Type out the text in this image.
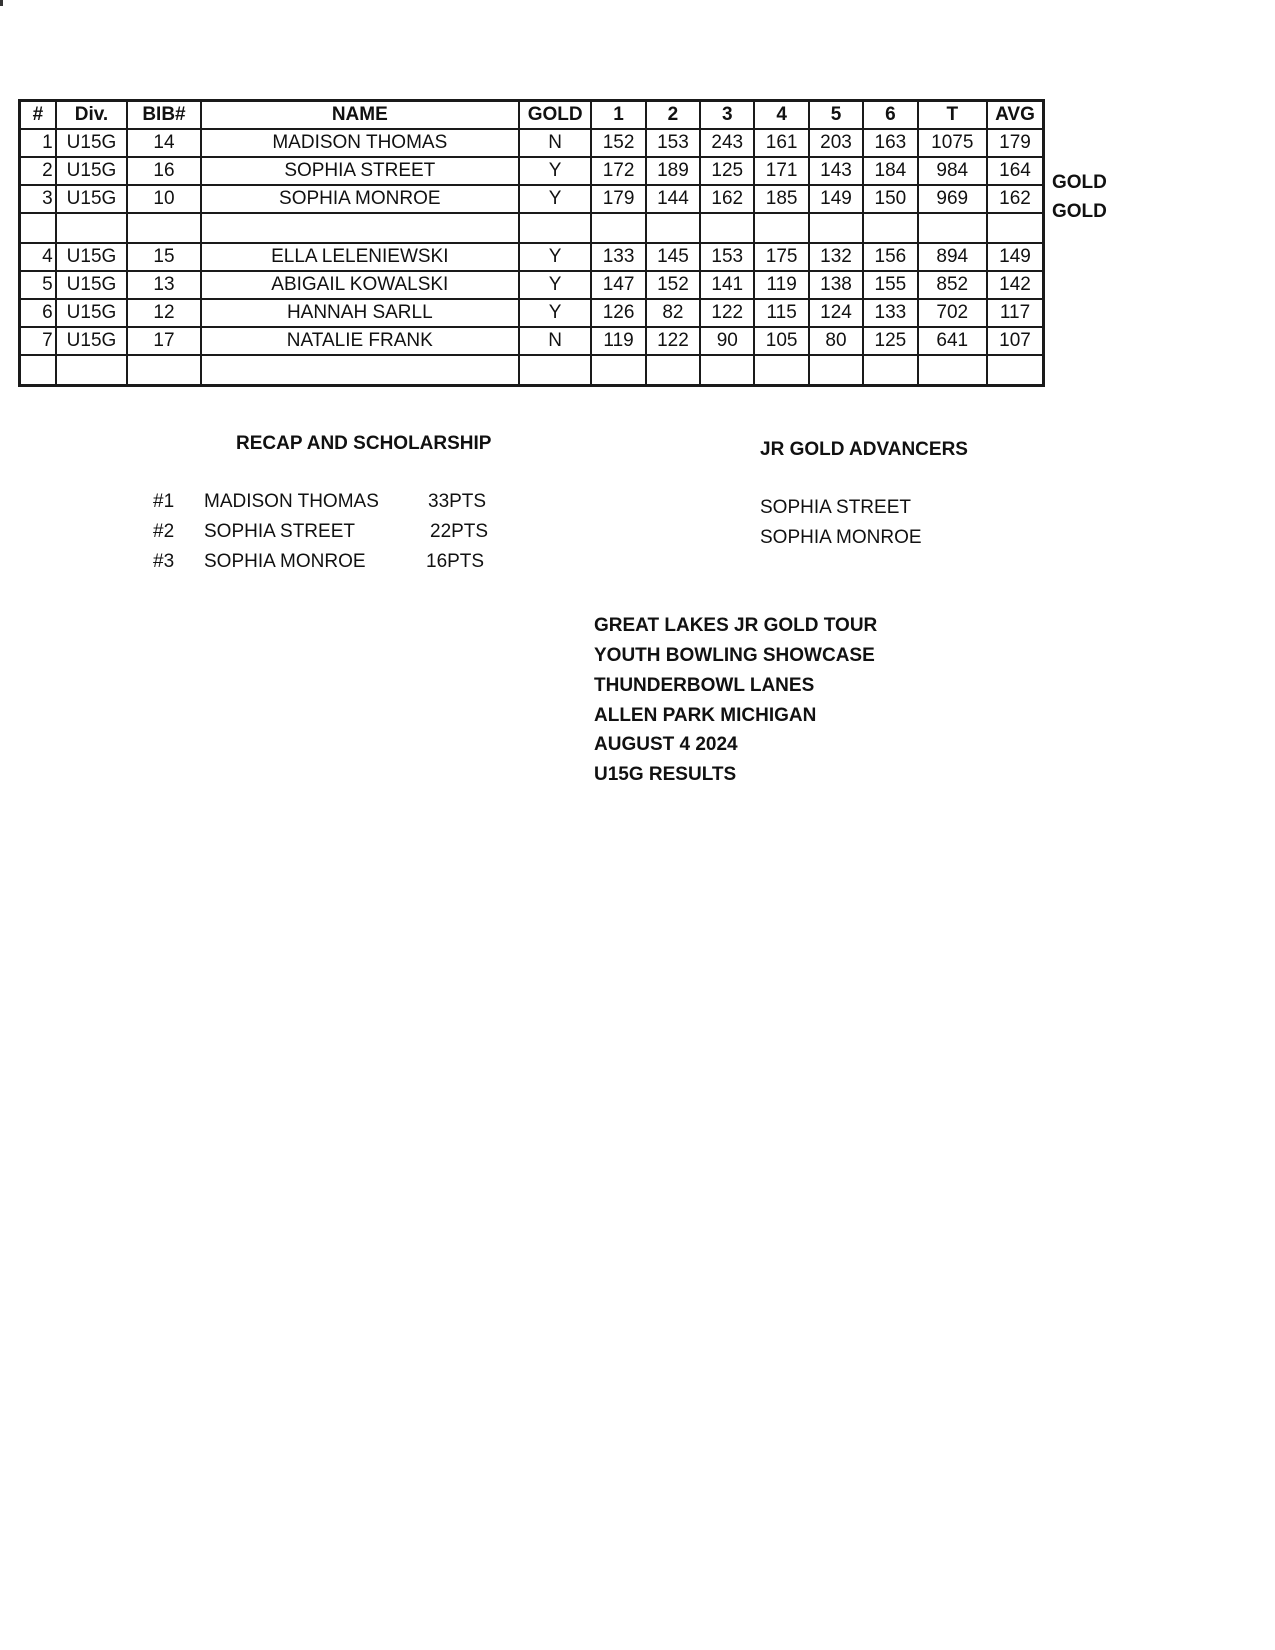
#	Div.	BIB#	NAME	GOLD	1	2	3	4	5	6	T	AVG
1	U15G	14	MADISON THOMAS	N	152	153	243	161	203	163	1075	179
2	U15G	16	SOPHIA STREET	Y	172	189	125	171	143	184	984	164
3	U15G	10	SOPHIA MONROE	Y	179	144	162	185	149	150	969	162

4	U15G	15	ELLA LELENIEWSKI	Y	133	145	153	175	132	156	894	149
5	U15G	13	ABIGAIL KOWALSKI	Y	147	152	141	119	138	155	852	142
6	U15G	12	HANNAH SARLL	Y	126	82	122	115	124	133	702	117
7	U15G	17	NATALIE FRANK	N	119	122	90	105	80	125	641	107

GOLD
GOLD
RECAP AND SCHOLARSHIP
#1 MADISON THOMAS	33PTS
#2 SOPHIA STREET	22PTS
#3 SOPHIA MONROE	16PTS
JR GOLD ADVANCERS
SOPHIA STREET
SOPHIA MONROE
GREAT LAKES JR GOLD TOUR
YOUTH BOWLING SHOWCASE
THUNDERBOWL LANES
ALLEN PARK MICHIGAN
AUGUST 4 2024
U15G RESULTS
